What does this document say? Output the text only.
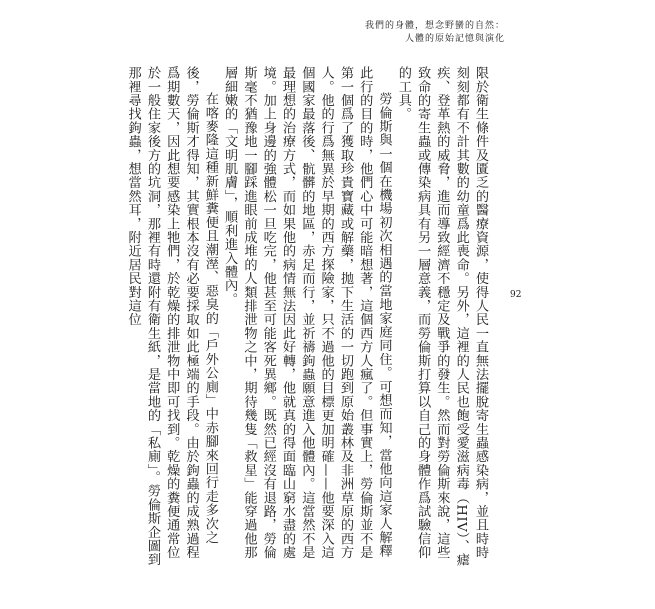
我們的身體，想念野蠻的自然：
人體的原始記憶與演化
92

限於衛生條件及匱乏的醫療資源，使得人民一直無法擺脫寄生蟲感染病，並且時時刻刻都有不計其數的幼童爲此喪命。另外，這裡的人民也飽受愛滋病毒（HIV）、瘧疾、登革熱的威脅，進而導致經濟不穩定及戰爭的發生。然而對勞倫斯來說，這些致命的寄生蟲或傳染病具有另一層意義，而勞倫斯打算以自己的身體作爲試驗信仰的工具。

勞倫斯與一個在機場初次相遇的當地家庭同住。可想而知，當他向這家人解釋此行的目的時，他們心中可能暗想著，這個西方人瘋了。但事實上，勞倫斯並不是第一個爲了獲取珍貴寶藏或解藥，拋下生活的一切跑到原始叢林及非洲草原的西方人。他的行爲無異於早期的西方探險家，只不過他的目標更加明確——他要深入這個國家最落後、骯髒的地區，赤足而行，並祈禱鉤蟲願意進入他體內。這當然不是最理想的治療方式，而如果他的病情無法因此好轉，他就真的得面臨山窮水盡的處境。加上身邊的強體松一旦吃完，他甚至可能客死異鄉。既然已經沒有退路，勞倫斯毫不猶豫地一腳踩進眼前成堆的人類排泄物之中，期待幾隻「救星」能穿過他那層細嫩的「文明肌膚」，順利進入體內。

在喀麥隆這種新鮮糞便且潮溼、惡臭的「戶外公廁」中赤腳來回行走多次之後，勞倫斯才得知，其實根本沒有必要採取如此極端的手段。由於鉤蟲的成熟過程爲期數天，因此想要感染上牠們，於乾燥的排泄物中即可找到。乾燥的糞便通常位於一般住家後方的坑洞，那裡有時還附有衛生紙，是當地的「私廁」。勞倫斯企圖到那裡尋找鉤蟲，想當然耳，附近居民對這位
